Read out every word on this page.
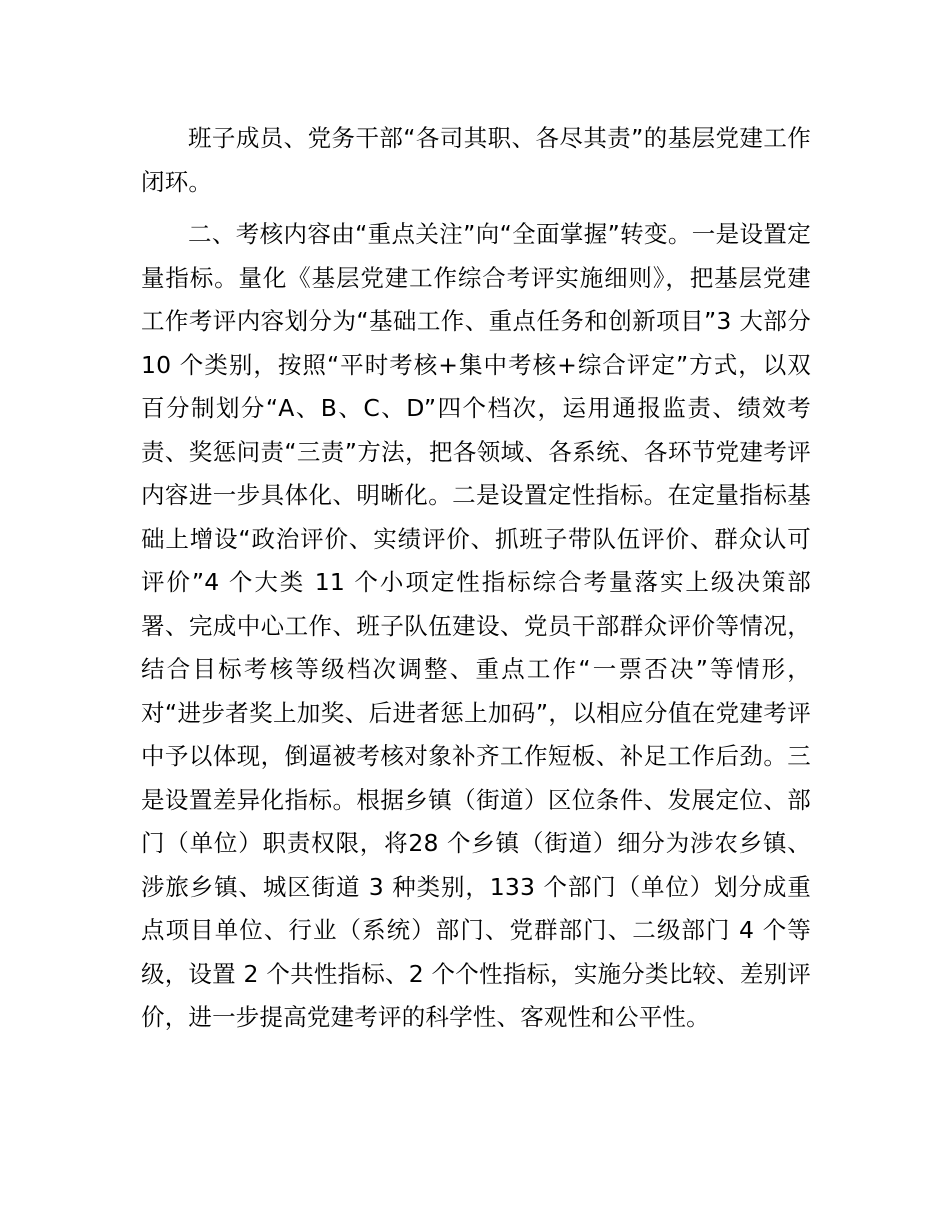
班子成员、党务干部“各司其职、各尽其责”的基层党建工作闭环。

二、考核内容由“重点关注”向“全面掌握”转变。一是设置定量指标。量化《基层党建工作综合考评实施细则》，把基层党建工作考评内容划分为“基础工作、重点任务和创新项目”3 大部分 10 个类别，按照“平时考核+集中考核+综合评定”方式，以双百分制划分“A、B、C、D”四个档次，运用通报监责、绩效考责、奖惩问责“三责”方法，把各领域、各系统、各环节党建考评内容进一步具体化、明晰化。二是设置定性指标。在定量指标基础上增设“政治评价、实绩评价、抓班子带队伍评价、群众认可评价”4 个大类 11 个小项定性指标综合考量落实上级决策部署、完成中心工作、班子队伍建设、党员干部群众评价等情况，结合目标考核等级档次调整、重点工作“一票否决”等情形，对“进步者奖上加奖、后进者惩上加码”，以相应分值在党建考评中予以体现，倒逼被考核对象补齐工作短板、补足工作后劲。三是设置差异化指标。根据乡镇（街道）区位条件、发展定位、部门（单位）职责权限，将28 个乡镇（街道）细分为涉农乡镇、涉旅乡镇、城区街道 3 种类别，133 个部门（单位）划分成重点项目单位、行业（系统）部门、党群部门、二级部门 4 个等级，设置 2 个共性指标、2 个个性指标，实施分类比较、差别评价，进一步提高党建考评的科学性、客观性和公平性。
